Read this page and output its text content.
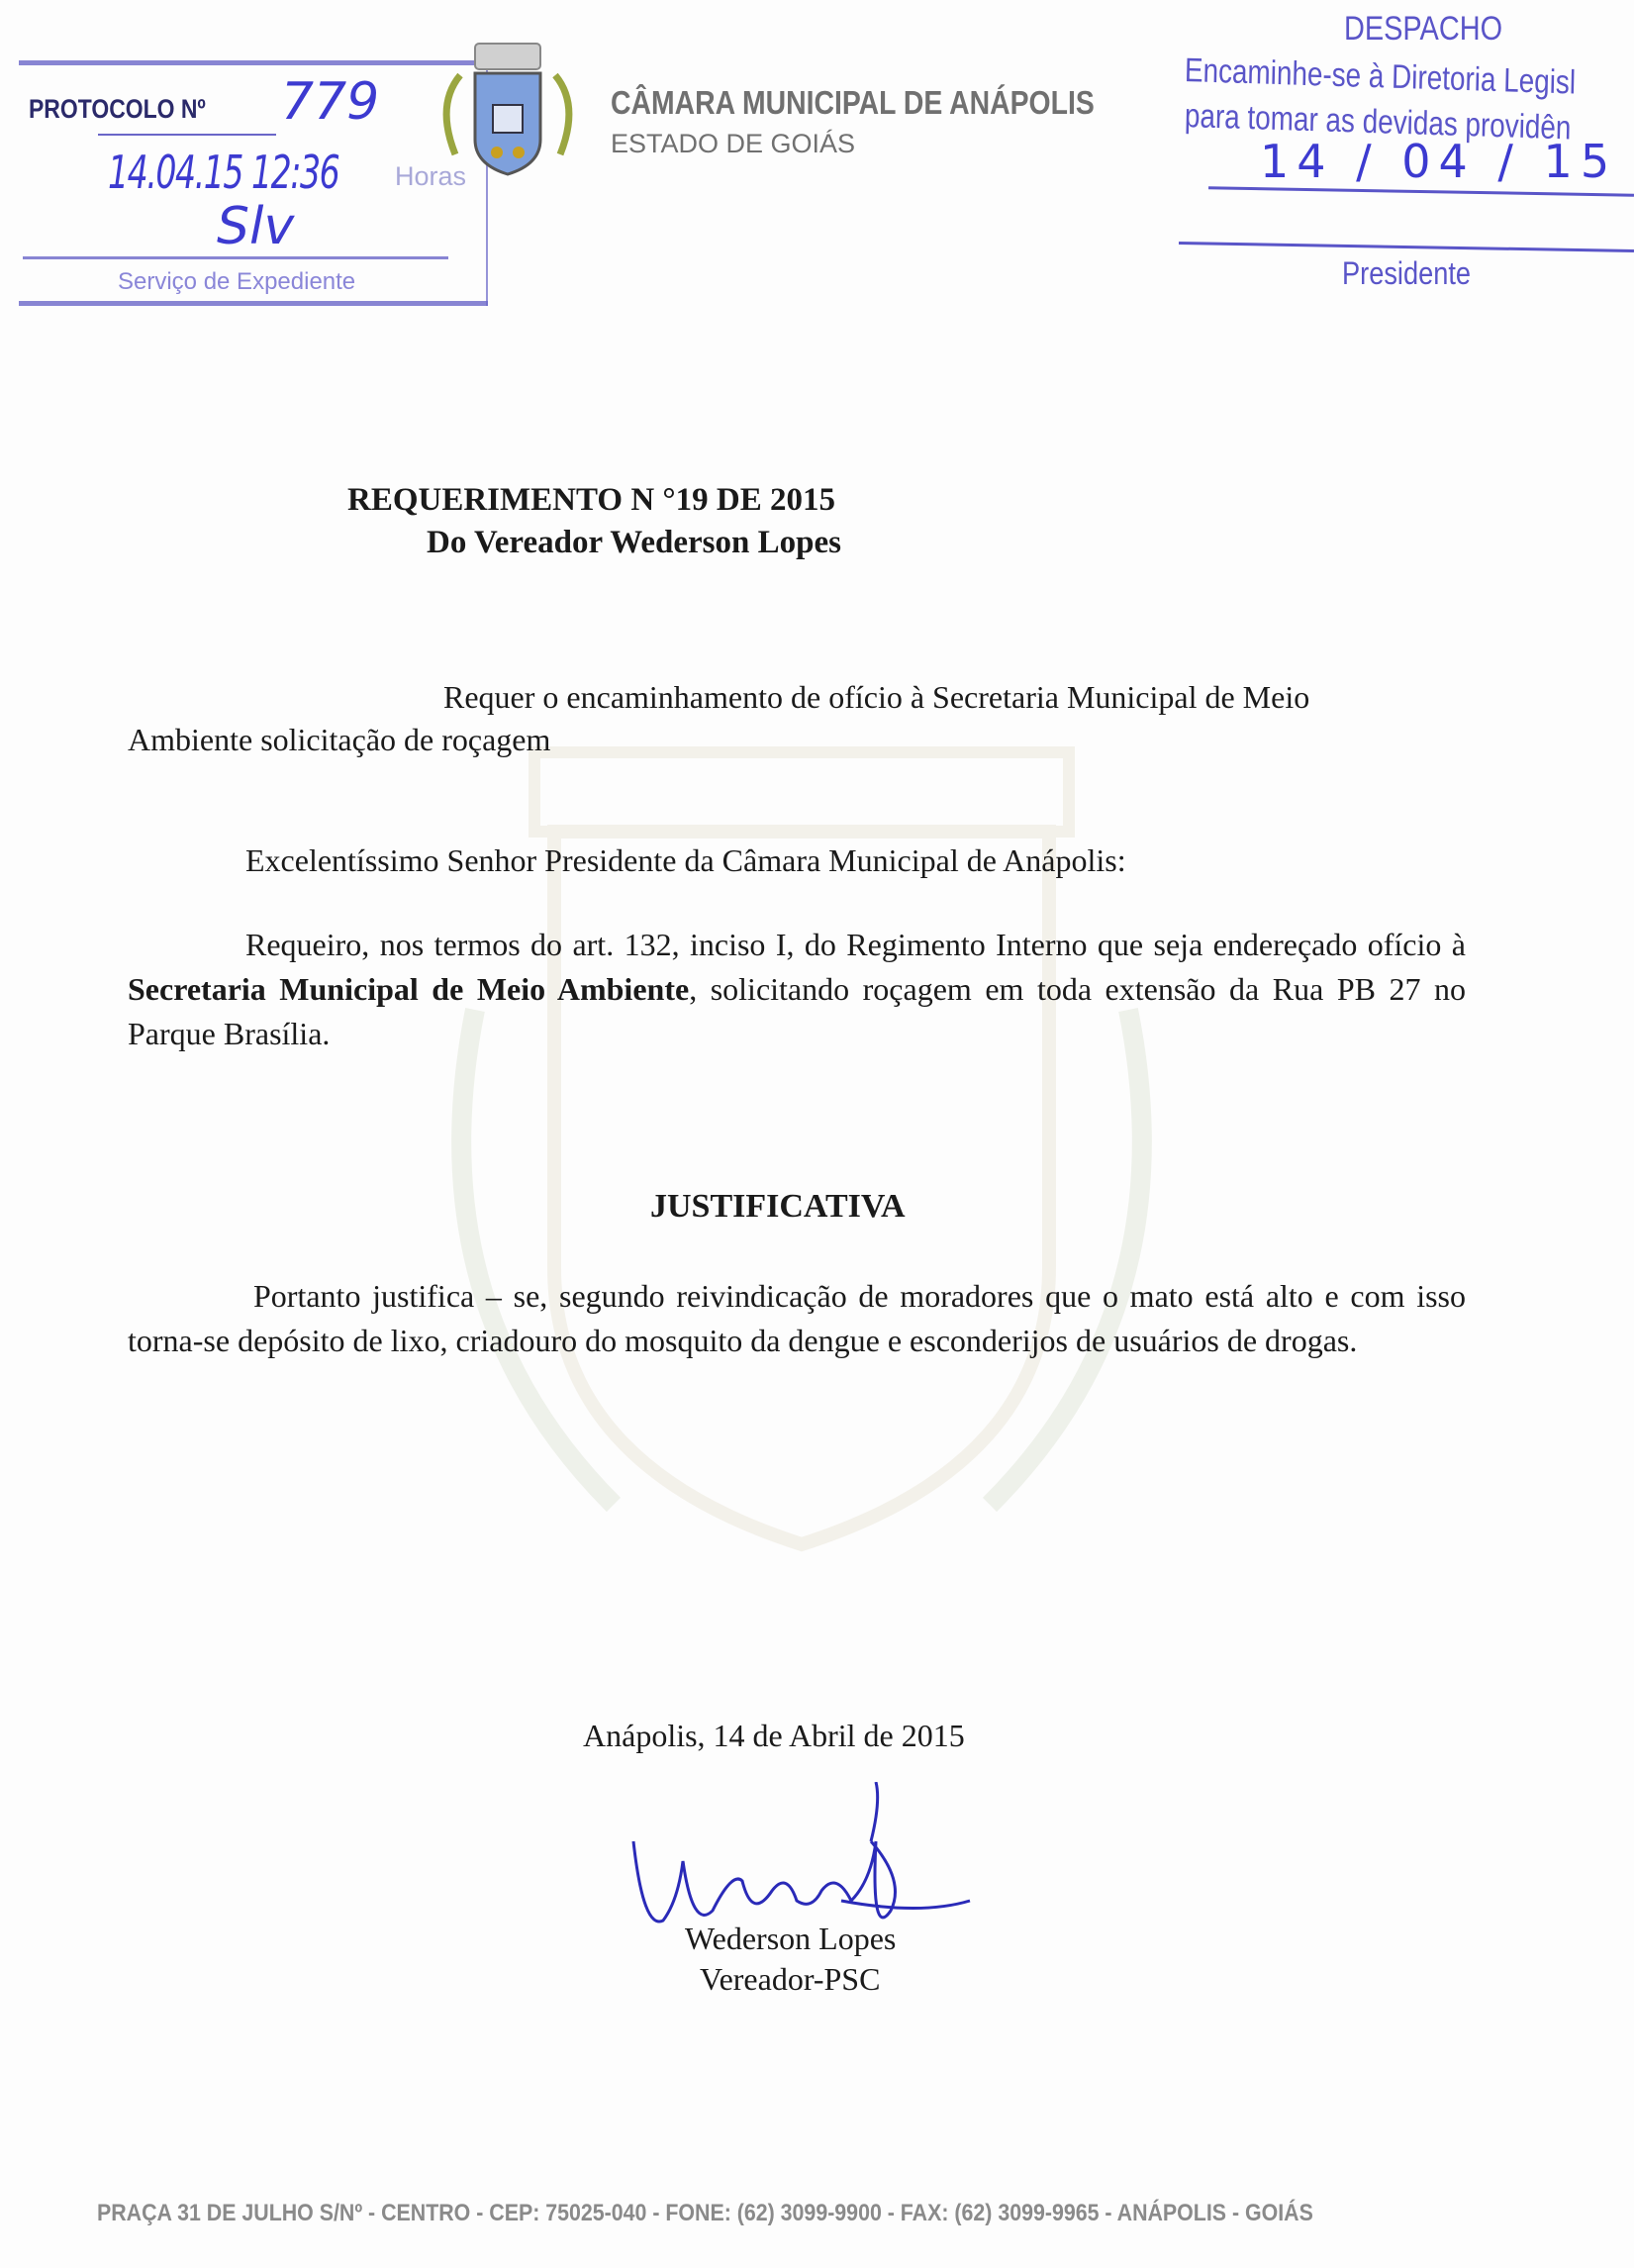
PROTOCOLO Nº 779
14.04.15 12:36 Horas
Slv
Serviço de Expediente
CÂMARA MUNICIPAL DE ANÁPOLIS
ESTADO DE GOIÁS
DESPACHO
Encaminhe-se à Diretoria Legisl
para tomar as devidas providên
14 / 04 / 15
Presidente
REQUERIMENTO N °19 DE 2015
Do Vereador Wederson Lopes
Requer o encaminhamento de ofício à Secretaria Municipal de Meio
Ambiente solicitação de roçagem
Excelentíssimo Senhor Presidente da Câmara Municipal de Anápolis:
Requeiro, nos termos do art. 132, inciso I, do Regimento Interno que seja endereçado ofício à Secretaria Municipal de Meio Ambiente, solicitando roçagem em toda extensão da Rua PB 27 no Parque Brasília.
JUSTIFICATIVA
Portanto justifica – se, segundo reivindicação de moradores que o mato está alto e com isso torna-se depósito de lixo, criadouro do mosquito da dengue e esconderijos de usuários de drogas.
Anápolis, 14 de Abril de 2015
Wederson Lopes
Vereador-PSC
PRAÇA 31 DE JULHO S/Nº - CENTRO - CEP: 75025-040 - FONE: (62) 3099-9900 - FAX: (62) 3099-9965 - ANÁPOLIS - GOIÁS
